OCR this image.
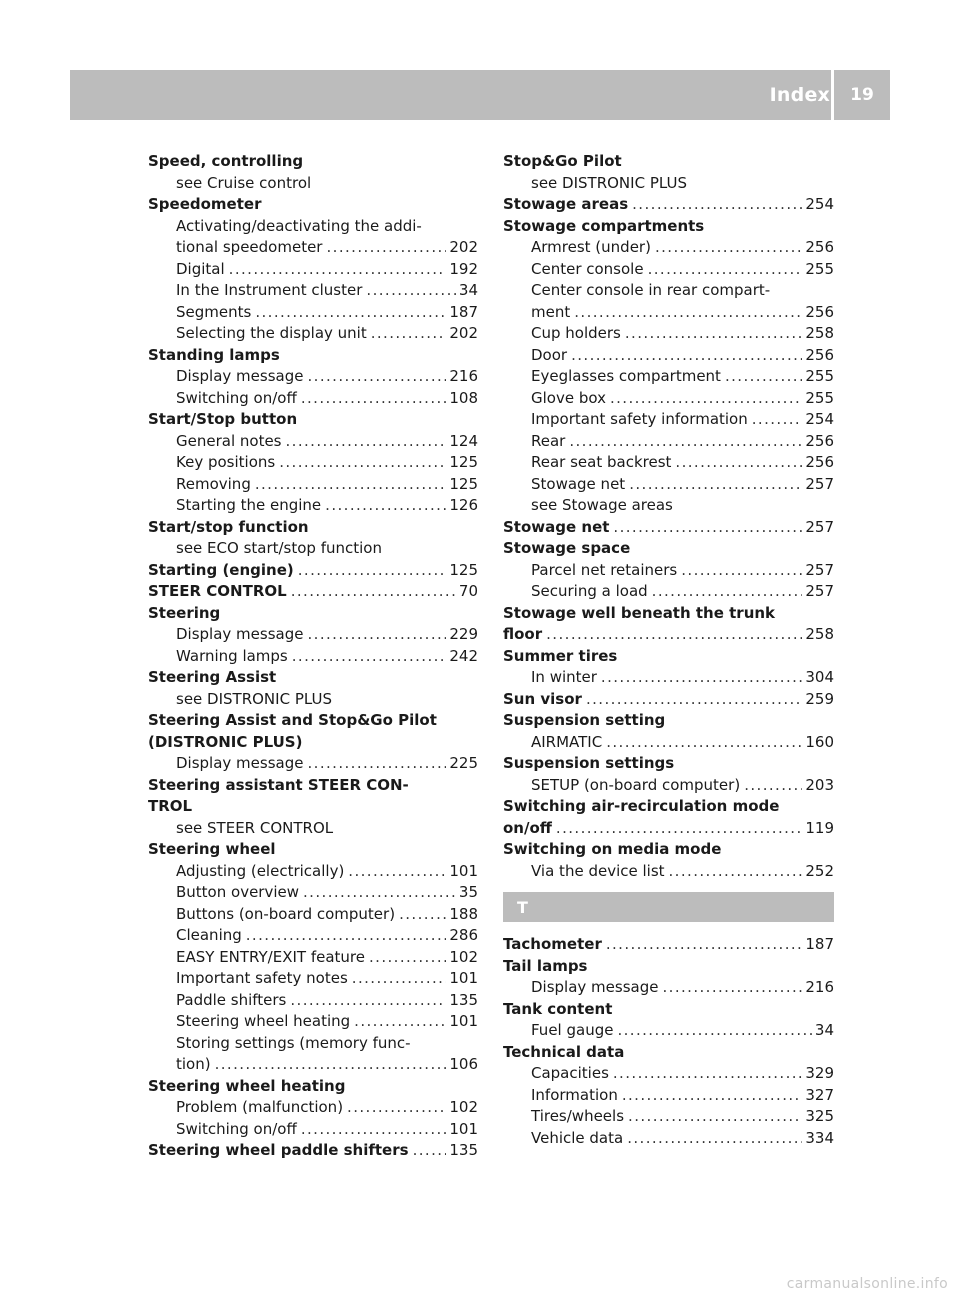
Index	19
Speed, controlling
see Cruise control
Speedometer
Activating/deactivating the addi-
tional speedometer .....	202
Digital .....	192
In the Instrument cluster .....	34
Segments .....	187
Selecting the display unit .....	202
Standing lamps
Display message .....	216
Switching on/off .....	108
Start/Stop button
General notes .....	124
Key positions .....	125
Removing .....	125
Starting the engine .....	126
Start/stop function
see ECO start/stop function
Starting (engine) .....	125
STEER CONTROL .....	70
Steering
Display message .....	229
Warning lamps .....	242
Steering Assist
see DISTRONIC PLUS
Steering Assist and Stop&Go Pilot
(DISTRONIC PLUS)
Display message .....	225
Steering assistant STEER CON-
TROL
see STEER CONTROL
Steering wheel
Adjusting (electrically) .....	101
Button overview .....	35
Buttons (on-board computer) .....	188
Cleaning .....	286
EASY ENTRY/EXIT feature .....	102
Important safety notes .....	101
Paddle shifters .....	135
Steering wheel heating .....	101
Storing settings (memory func-
tion) .....	106
Steering wheel heating
Problem (malfunction) .....	102
Switching on/off .....	101
Steering wheel paddle shifters .....	135
Stop&Go Pilot
see DISTRONIC PLUS
Stowage areas .....	254
Stowage compartments
Armrest (under) .....	256
Center console .....	255
Center console in rear compart-
ment .....	256
Cup holders .....	258
Door .....	256
Eyeglasses compartment .....	255
Glove box .....	255
Important safety information .....	254
Rear .....	256
Rear seat backrest .....	256
Stowage net .....	257
see Stowage areas
Stowage net .....	257
Stowage space
Parcel net retainers .....	257
Securing a load .....	257
Stowage well beneath the trunk
floor .....	258
Summer tires
In winter .....	304
Sun visor .....	259
Suspension setting
AIRMATIC .....	160
Suspension settings
SETUP (on-board computer) .....	203
Switching air-recirculation mode
on/off .....	119
Switching on media mode
Via the device list .....	252
T
Tachometer .....	187
Tail lamps
Display message .....	216
Tank content
Fuel gauge .....	34
Technical data
Capacities .....	329
Information .....	327
Tires/wheels .....	325
Vehicle data .....	334
carmanualsonline.info
